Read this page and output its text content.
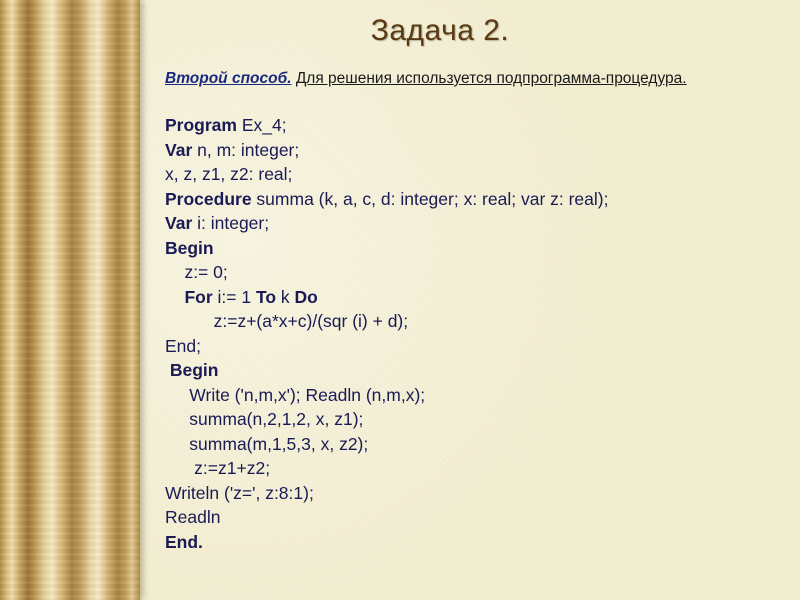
Задача 2.
Второй способ. Для решения используется подпрограмма-процедура.
Program Ex_4;
Var n, m: integer;
x, z, z1, z2: real;
Procedure summa (k, a, c, d: integer; x: real; var z: real);
Var i: integer;
Begin
z:= 0;
For i:= 1 To k Do
z:=z+(a*x+c)/(sqr (i) + d);
End;
Begin
Write ('n,m,x'); Readln (n,m,x);
summa(n,2,1,2, x, z1);
summa(m,1,5,3, x, z2);
z:=z1+z2;
Writeln ('z=', z:8:1);
Readln
End.
